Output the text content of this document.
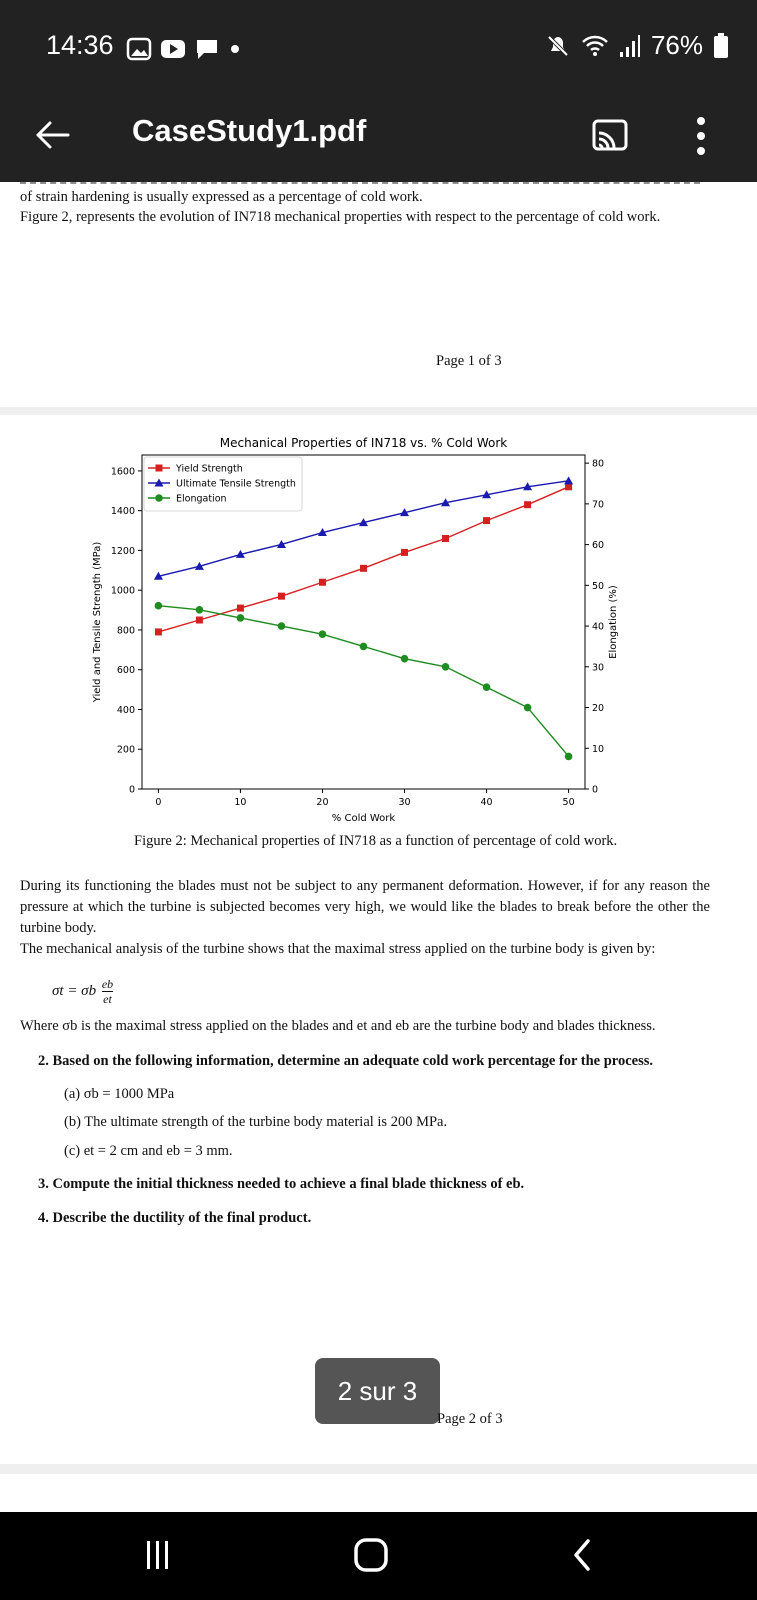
14:36	76%
CaseStudy1.pdf
of strain hardening is usually expressed as a percentage of cold work.
Figure 2, represents the evolution of IN718 mechanical properties with respect to the percentage of cold work.
Page 1 of 3
Mechanical Properties of IN718 vs. % Cold Work
% Cold Work
Yield and Tensile Strength (MPa)	Elongation (%)
0	10	20	30	40	50
0
200
400
600
800
1000
1200
1400
1600
0
10
20
30
40
50
60
70
80
Yield Strength
Ultimate Tensile Strength
Elongation
Figure 2: Mechanical properties of IN718 as a function of percentage of cold work.
During its functioning the blades must not be subject to any permanent deformation. However, if for any reason the pressure at which the turbine is subjected becomes very high, we would like the blades to break before the other the turbine body.
The mechanical analysis of the turbine shows that the maximal stress applied on the turbine body is given by:
σt = σb $\frac{eb}{et}$
Where σb is the maximal stress applied on the blades and et and eb are the turbine body and blades thickness.
2. Based on the following information, determine an adequate cold work percentage for the process.
(a) σb = 1000 MPa
(b) The ultimate strength of the turbine body material is 200 MPa.
(c) et = 2 cm and eb = 3 mm.
3. Compute the initial thickness needed to achieve a final blade thickness of eb.
4. Describe the ductility of the final product.
2 sur 3
Page 2 of 3
